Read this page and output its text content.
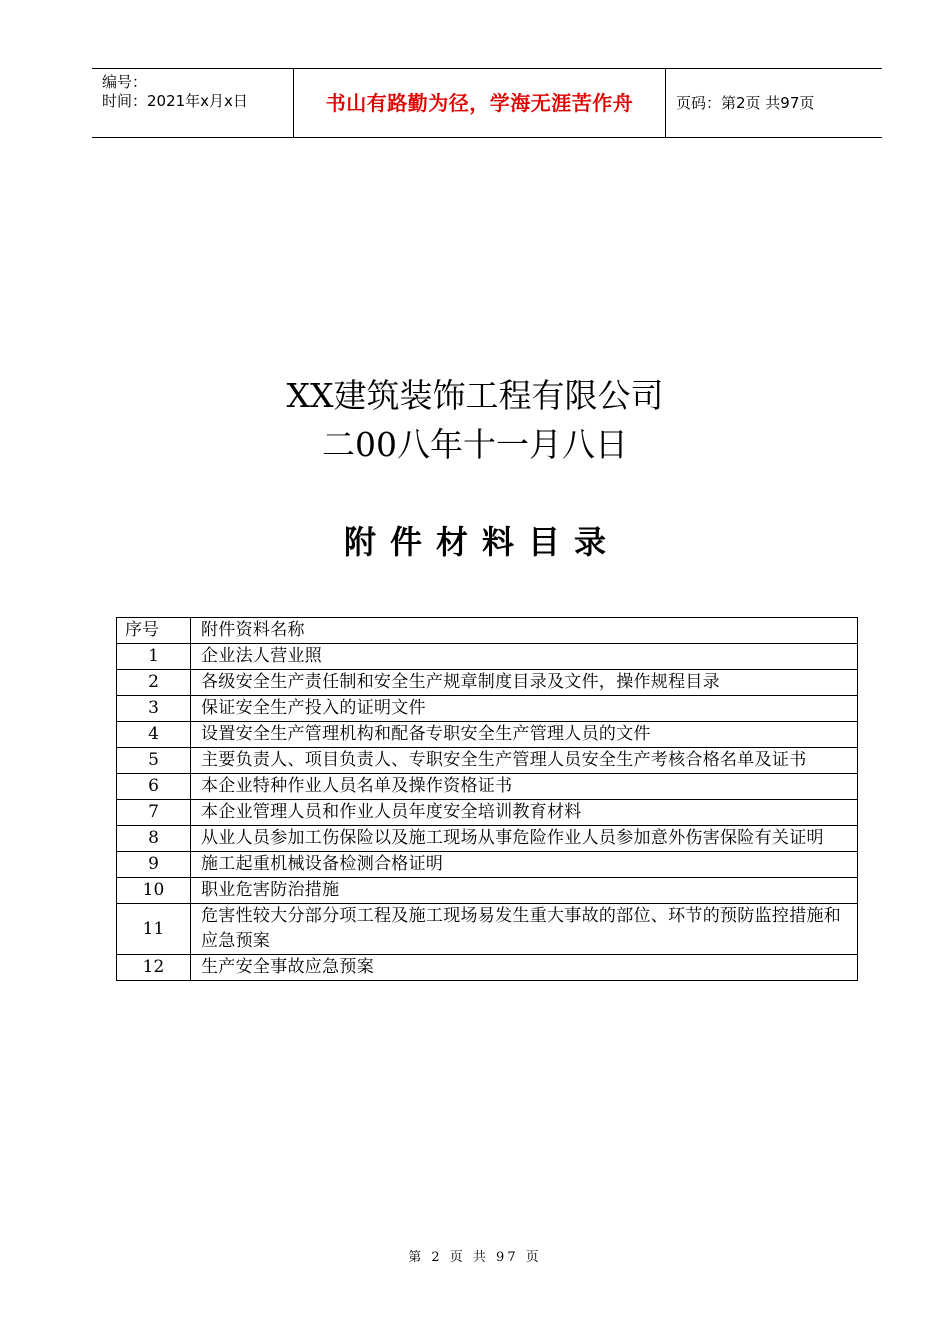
编号：
时间：2021年x月x日	书山有路勤为径，学海无涯苦作舟	页码：第2页 共97页
XX建筑装饰工程有限公司
二00八年十一月八日
附件材料目录
序号	附件资料名称
1	企业法人营业照
2	各级安全生产责任制和安全生产规章制度目录及文件，操作规程目录
3	保证安全生产投入的证明文件
4	设置安全生产管理机构和配备专职安全生产管理人员的文件
5	主要负责人、项目负责人、专职安全生产管理人员安全生产考核合格名单及证书
6	本企业特种作业人员名单及操作资格证书
7	本企业管理人员和作业人员年度安全培训教育材料
8	从业人员参加工伤保险以及施工现场从事危险作业人员参加意外伤害保险有关证明
9	施工起重机械设备检测合格证明
10	职业危害防治措施
11	危害性较大分部分项工程及施工现场易发生重大事故的部位、环节的预防监控措施和应急预案
12	生产安全事故应急预案
第 2 页 共 97 页
